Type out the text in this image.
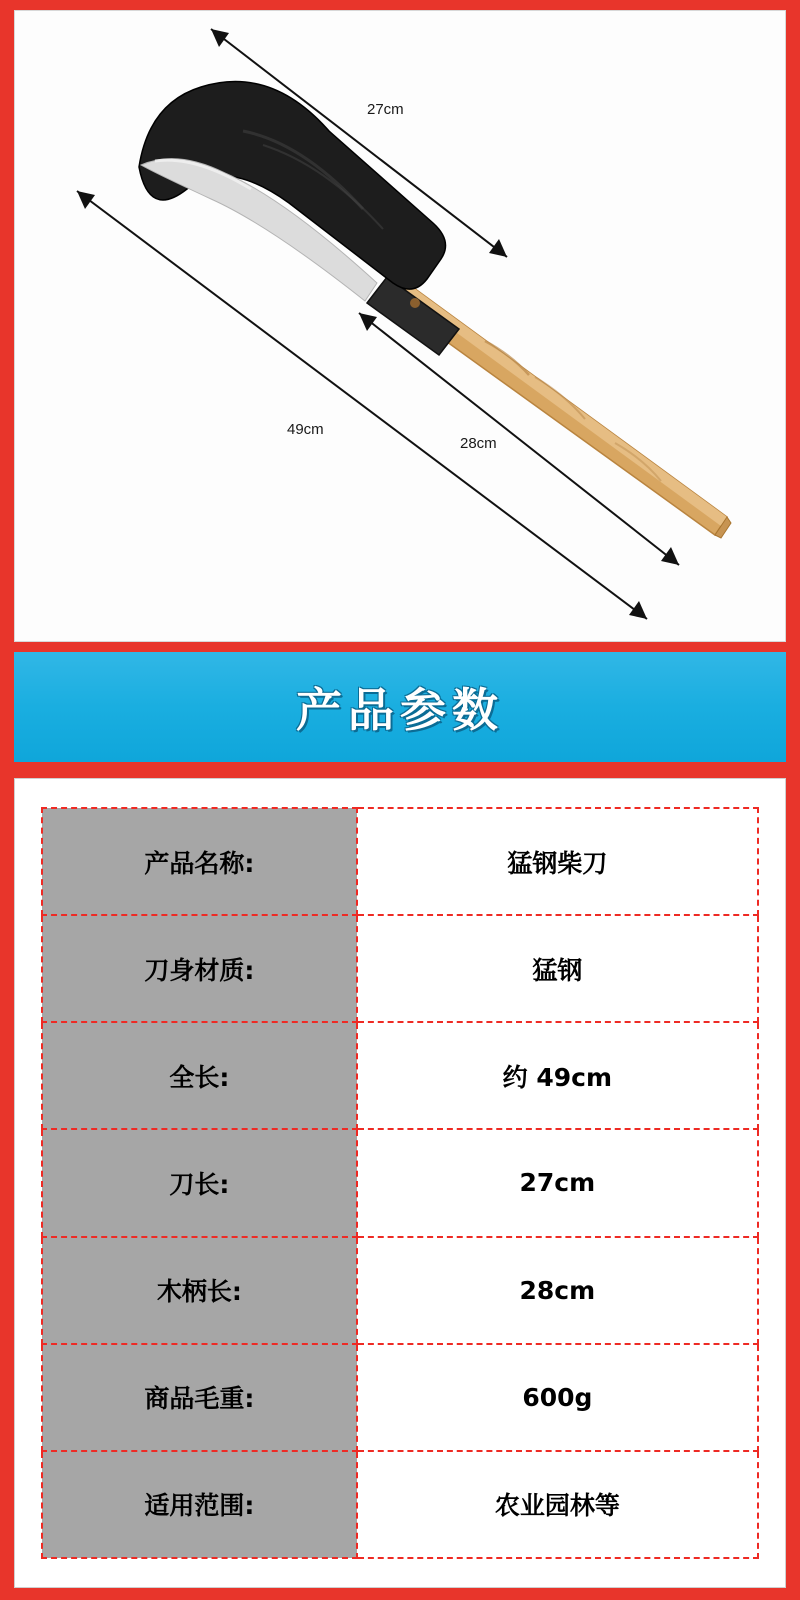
27cm
49cm
28cm
产品参数
产品名称:	猛钢柴刀
刀身材质:	猛钢
全长:	约 49cm
刀长:	27cm
木柄长:	28cm
商品毛重:	600g
适用范围:	农业园林等
